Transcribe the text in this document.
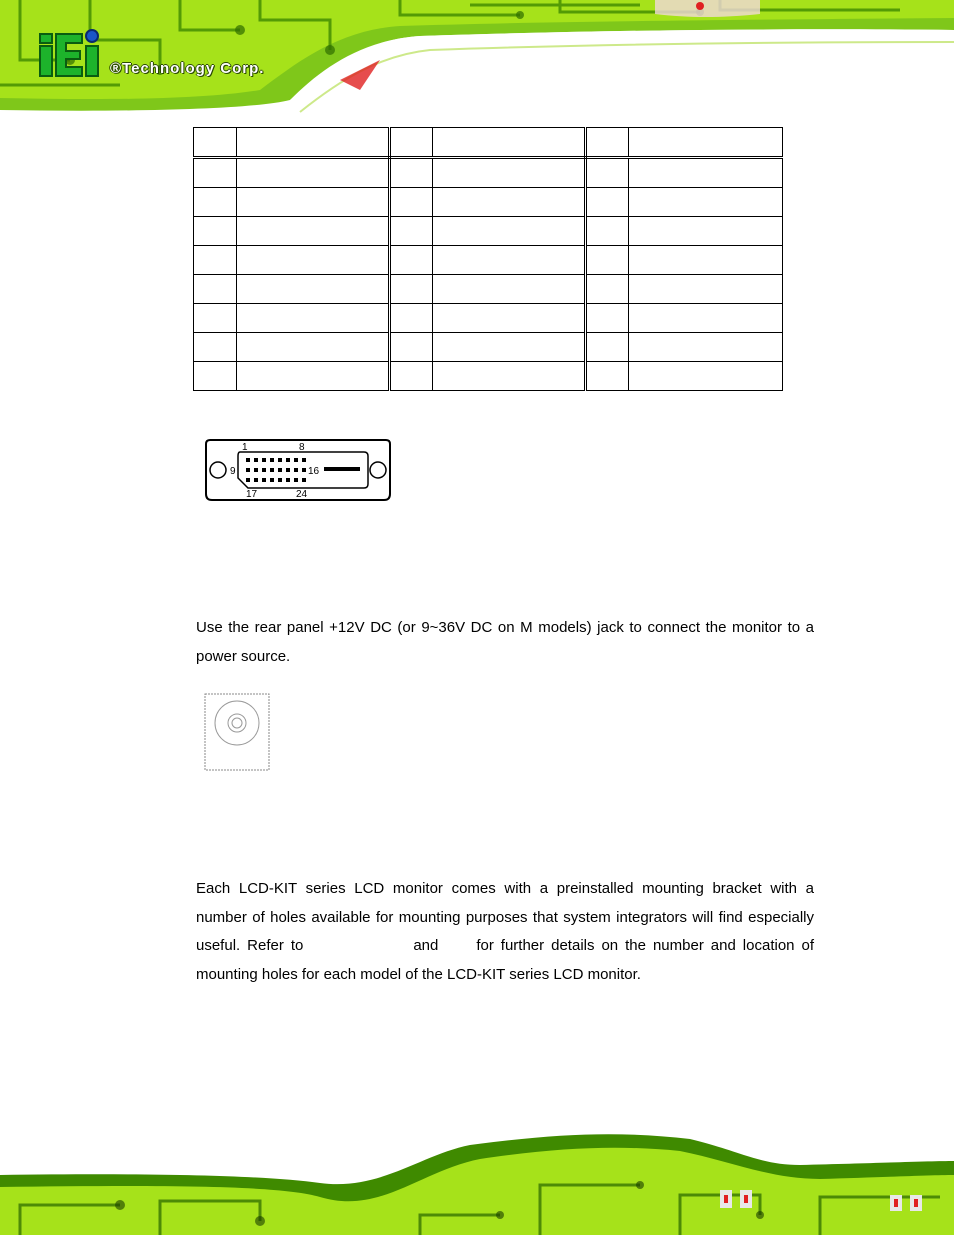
®Technology Corp.

1	8
9	16
17	24

Use the rear panel +12V DC (or 9~36V DC on M models) jack to connect the monitor to a power source.

Each LCD-KIT series LCD monitor comes with a preinstalled mounting bracket with a number of holes available for mounting purposes that system integrators will find especially useful. Refer to	and	for further details on the number and location of mounting holes for each model of the LCD-KIT series LCD monitor.
